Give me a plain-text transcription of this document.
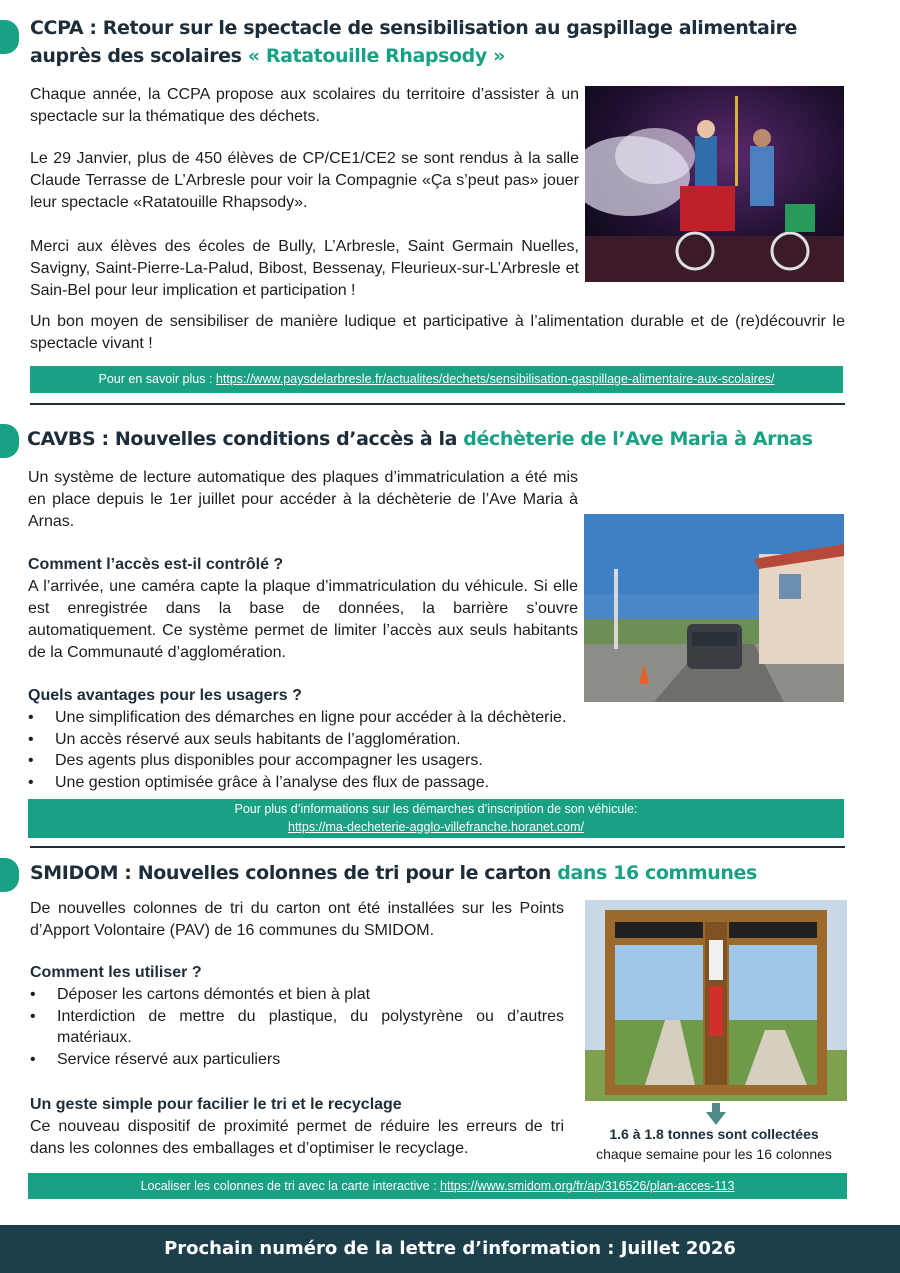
CCPA : Retour sur le spectacle de sensibilisation au gaspillage alimentaire auprès des scolaires « Ratatouille Rhapsody »

Chaque année, la CCPA propose aux scolaires du territoire d’assister à un spectacle sur la thématique des déchets.

Le 29 Janvier, plus de 450 élèves de CP/CE1/CE2 se sont rendus à la salle Claude Terrasse de L’Arbresle pour voir la Compagnie «Ça s’peut pas» jouer leur spectacle «Ratatouille Rhapsody».

Merci aux élèves des écoles de Bully, L’Arbresle, Saint Germain Nuelles, Savigny, Saint-Pierre-La-Palud, Bibost, Bessenay, Fleurieux-sur-L’Arbresle et Sain-Bel pour leur implication et participation !

Un bon moyen de sensibiliser de manière ludique et participative à l’alimentation durable et de (re)découvrir le spectacle vivant !

Pour en savoir plus : https://www.paysdelarbresle.fr/actualites/dechets/sensibilisation-gaspillage-alimentaire-aux-scolaires/
CAVBS : Nouvelles conditions d’accès à la déchèterie de l’Ave Maria à Arnas

Un système de lecture automatique des plaques d’immatriculation a été mis en place depuis le 1er juillet pour accéder à la déchèterie de l’Ave Maria à Arnas.

Comment l’accès est-il contrôlé ?

A l’arrivée, une caméra capte la plaque d’immatriculation du véhicule. Si elle est enregistrée dans la base de données, la barrière s’ouvre automatiquement. Ce système permet de limiter l’accès aux seuls habitants de la Communauté d’agglomération.

Quels avantages pour les usagers ?

• Une simplification des démarches en ligne pour accéder à la déchèterie.
• Un accès réservé aux seuls habitants de l’agglomération.
• Des agents plus disponibles pour accompagner les usagers.
• Une gestion optimisée grâce à l’analyse des flux de passage.
Pour plus d’informations sur les démarches d’inscription de son véhicule:
https://ma-decheterie-agglo-villefranche.horanet.com/
SMIDOM : Nouvelles colonnes de tri pour le carton dans 16 communes

De nouvelles colonnes de tri du carton ont été installées sur les Points d’Apport Volontaire (PAV) de 16 communes du SMIDOM.

Comment les utiliser ?

• Déposer les cartons démontés et bien à plat
• Interdiction de mettre du plastique, du polystyrène ou d’autres matériaux.
• Service réservé aux particuliers

Un geste simple pour facilier le tri et le recyclage

Ce nouveau dispositif de proximité permet de réduire les erreurs de tri dans les colonnes des emballages et d’optimiser le recyclage.

1.6 à 1.8 tonnes sont collectées
chaque semaine pour les 16 colonnes
Localiser les colonnes de tri avec la carte interactive : https://www.smidom.org/fr/ap/316526/plan-acces-113
Prochain numéro de la lettre d’information : Juillet 2026
